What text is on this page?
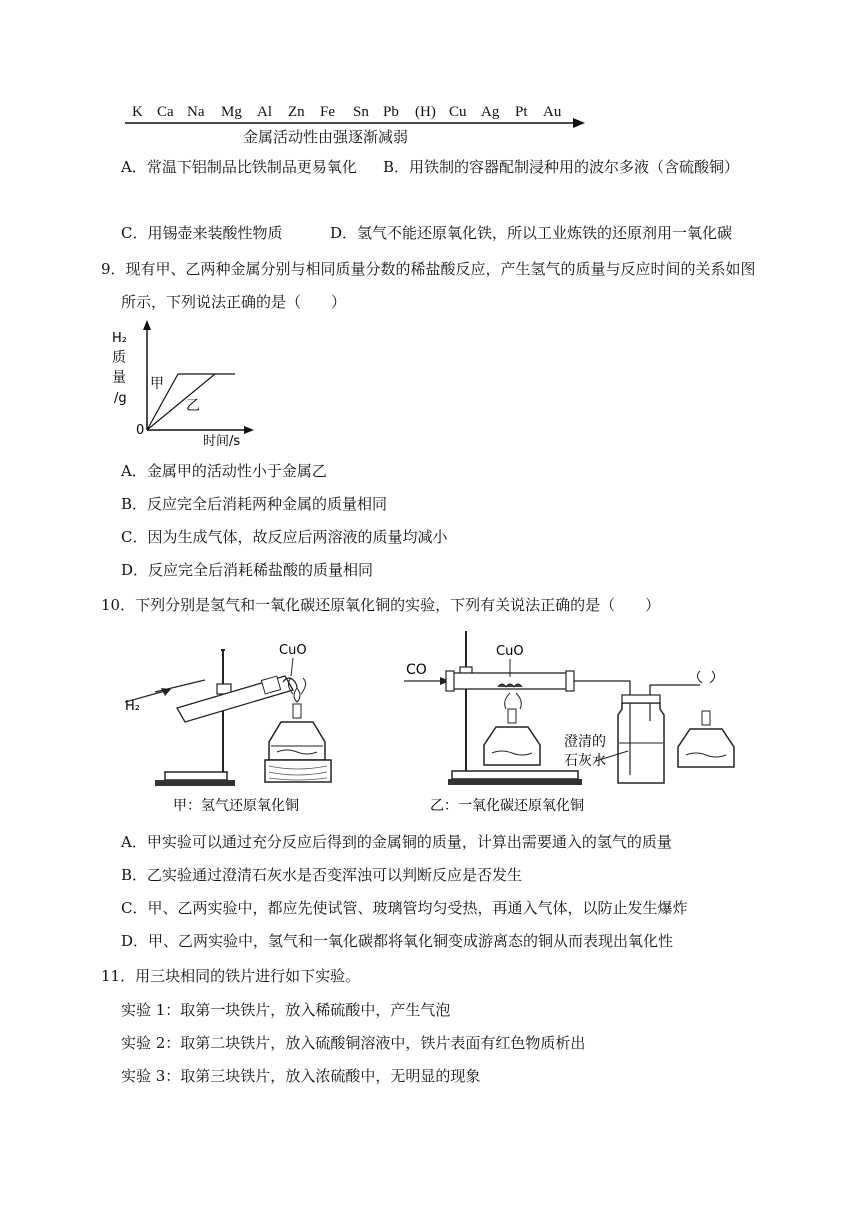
K Ca Na Mg Al Zn Fe Sn Pb (H) Cu Ag Pt Au
金属活动性由强逐渐减弱
A．常温下铝制品比铁制品更易氧化 B．用铁制的容器配制浸种用的波尔多液（含硫酸铜）
C．用锡壶来装酸性物质	D．氢气不能还原氧化铁，所以工业炼铁的还原剂用一氧化碳
9．现有甲、乙两种金属分别与相同质量分数的稀盐酸反应，产生氢气的质量与反应时间的关系如图
所示，下列说法正确的是（　　）
H₂
质
量
/g
0
时间/s
甲
乙
A．金属甲的活动性小于金属乙
B．反应完全后消耗两种金属的质量相同
C．因为生成气体，故反应后两溶液的质量均减小
D．反应完全后消耗稀盐酸的质量相同
10．下列分别是氢气和一氧化碳还原氧化铜的实验，下列有关说法正确的是（　　）
H₂
CuO
甲：氢气还原氧化铜
CO
CuO
澄清的
石灰水
乙：一氧化碳还原氧化铜
A．甲实验可以通过充分反应后得到的金属铜的质量，计算出需要通入的氢气的质量
B．乙实验通过澄清石灰水是否变浑浊可以判断反应是否发生
C．甲、乙两实验中，都应先使试管、玻璃管均匀受热，再通入气体，以防止发生爆炸
D．甲、乙两实验中，氢气和一氧化碳都将氧化铜变成游离态的铜从而表现出氧化性
11．用三块相同的铁片进行如下实验。
实验 1：取第一块铁片，放入稀硫酸中，产生气泡
实验 2：取第二块铁片，放入硫酸铜溶液中，铁片表面有红色物质析出
实验 3：取第三块铁片，放入浓硫酸中，无明显的现象
